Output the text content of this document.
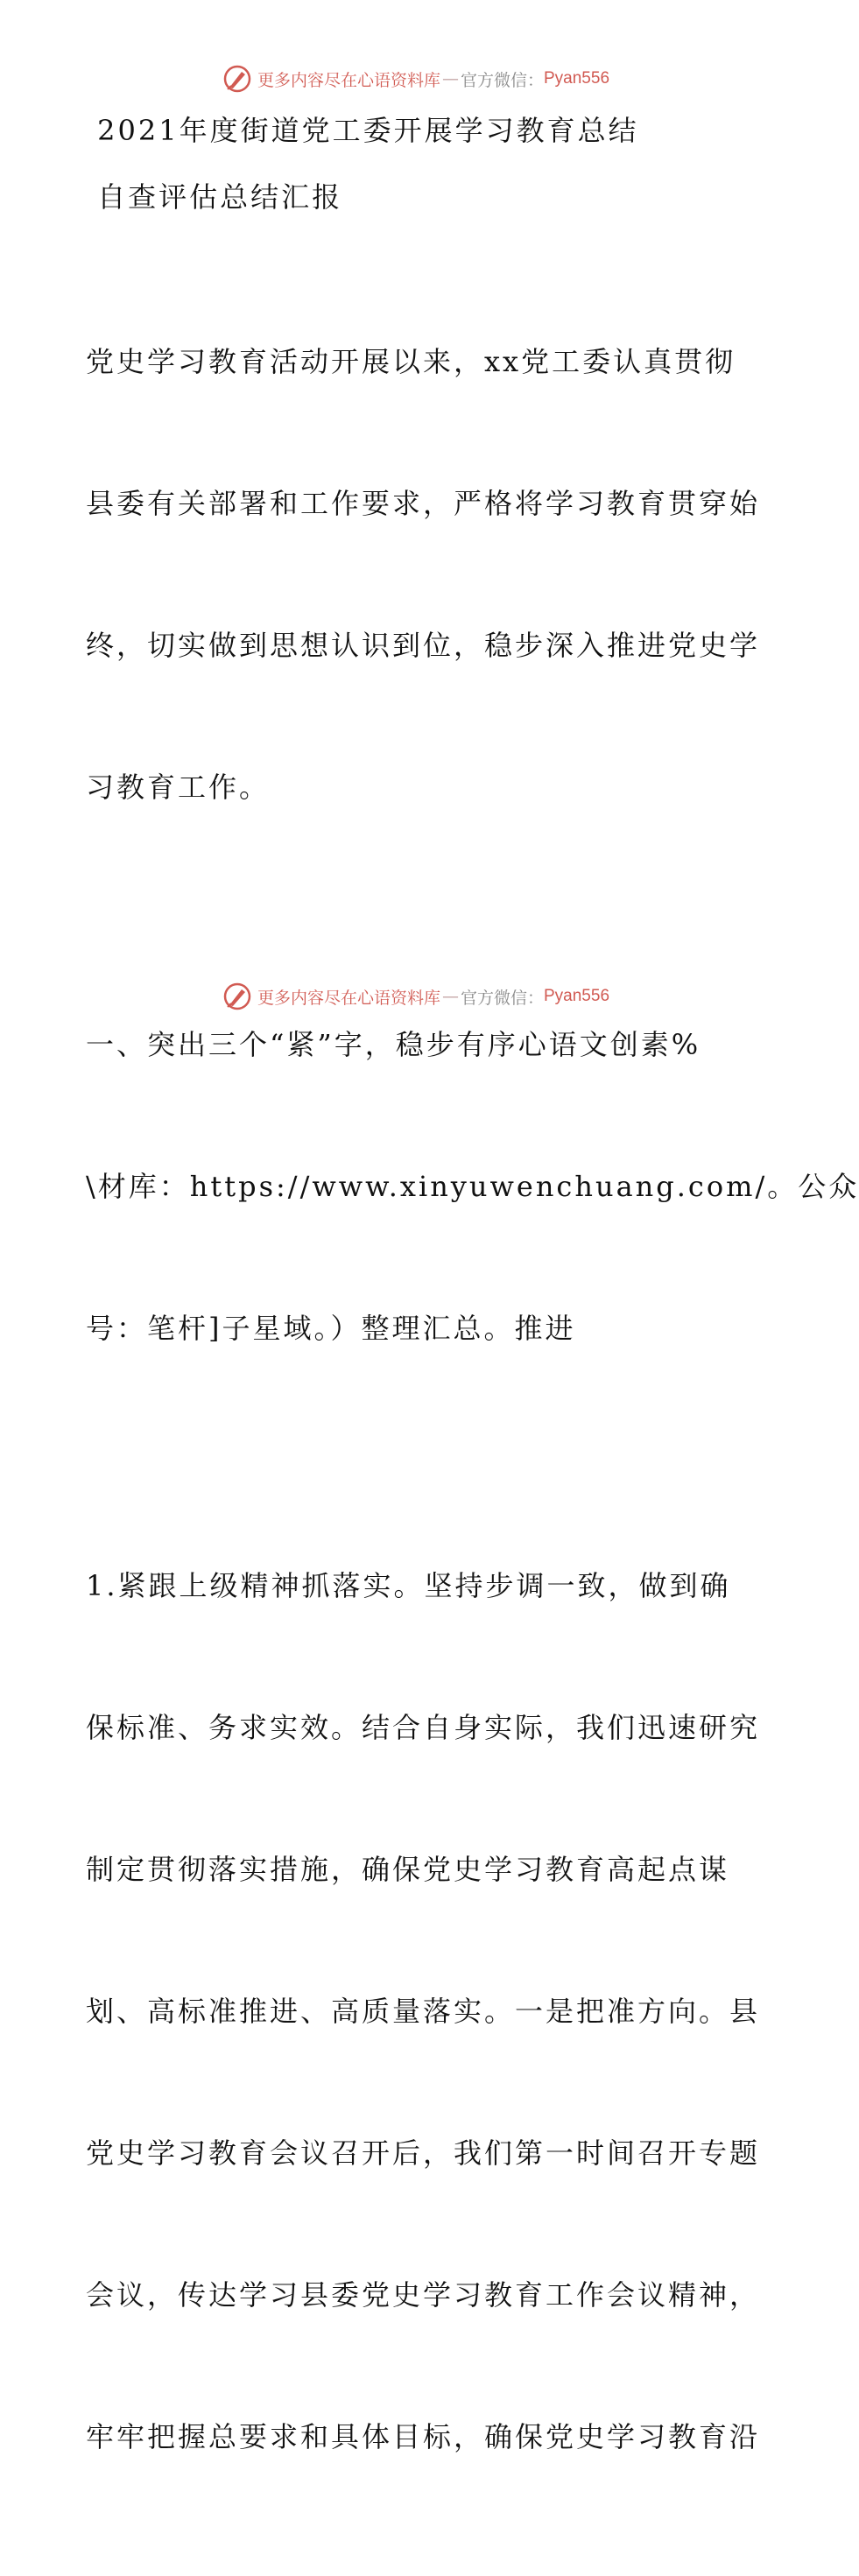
更多内容尽在心语资料库 — 官方微信： Pyan556
2021年度街道党工委开展学习教育总结
自查评估总结汇报

党史学习教育活动开展以来，xx党工委认真贯彻

县委有关部署和工作要求，严格将学习教育贯穿始

终，切实做到思想认识到位，稳步深入推进党史学

习教育工作。

一、突出三个“紧”字，稳步有序心语文创素%

\材库：https://www.xinyuwenchuang.com/。公众

号：笔杆]子星域。）整理汇总。推进

1.紧跟上级精神抓落实。坚持步调一致，做到确

保标准、务求实效。结合自身实际，我们迅速研究

制定贯彻落实措施，确保党史学习教育高起点谋

划、高标准推进、高质量落实。一是把准方向。县

党史学习教育会议召开后，我们第一时间召开专题

会议，传达学习县委党史学习教育工作会议精神，

牢牢把握总要求和具体目标，确保党史学习教育沿

更多内容尽在心语资料库 — 官方微信： Pyan556
